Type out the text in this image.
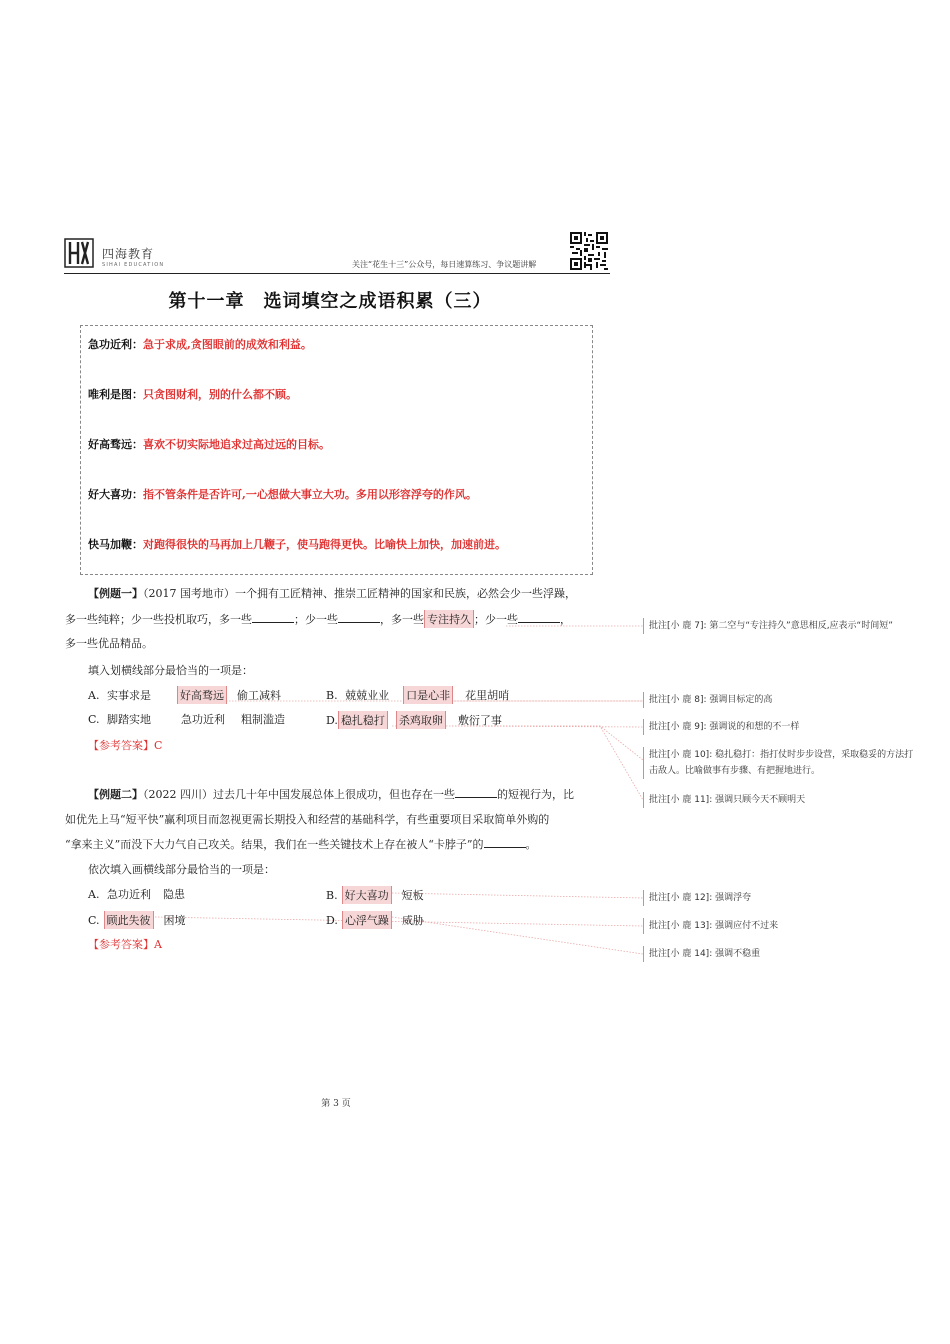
四海教育
SIHAI EDUCATION	关注“花生十三”公众号，每日速算练习、争议题讲解
第十一章　选词填空之成语积累（三）
急功近利：急于求成,贪图眼前的成效和利益。
唯利是图：只贪图财利，别的什么都不顾。
好高骛远：喜欢不切实际地追求过高过远的目标。
好大喜功：指不管条件是否许可,一心想做大事立大功。多用以形容浮夸的作风。
快马加鞭：对跑得很快的马再加上几鞭子，使马跑得更快。比喻快上加快，加速前进。
【例题一】（2017 国考地市）一个拥有工匠精神、推崇工匠精神的国家和民族，必然会少一些浮躁，
多一些纯粹；少一些投机取巧，多一些	；少一些	，多一些 专注持久 ；少一些	，
多一些优品精品。
填入划横线部分最恰当的一项是：
A. 实事求是	好高骛远 偷工减料	B. 兢兢业业 口是心非 花里胡哨
C. 脚踏实地	急功近利 粗制滥造	D. 稳扎稳打 杀鸡取卵 敷衍了事
【参考答案】C
【例题二】（2022 四川）过去几十年中国发展总体上很成功，但也存在一些	的短视行为，比
如优先上马“短平快”赢利项目而忽视更需长期投入和经营的基础科学，有些重要项目采取简单外购的
“拿来主义”而没下大力气自己攻关。结果，我们在一些关键技术上存在被人“卡脖子”的	。
依次填入画横线部分最恰当的一项是：
A. 急功近利 隐患	B. 好大喜功 短板
C. 顾此失彼 困境	D. 心浮气躁 威胁
【参考答案】A
批注[小 鹿 7]: 第二空与“专注持久”意思相反,应表示“时间短”
批注[小 鹿 8]: 强调目标定的高
批注[小 鹿 9]: 强调说的和想的不一样
批注[小 鹿 10]: 稳扎稳打：指打仗时步步设营，采取稳妥的方法打击敌人。比喻做事有步骤、有把握地进行。
批注[小 鹿 11]: 强调只顾今天不顾明天
批注[小 鹿 12]: 强调浮夸
批注[小 鹿 13]: 强调应付不过来
批注[小 鹿 14]: 强调不稳重
第 3 页
